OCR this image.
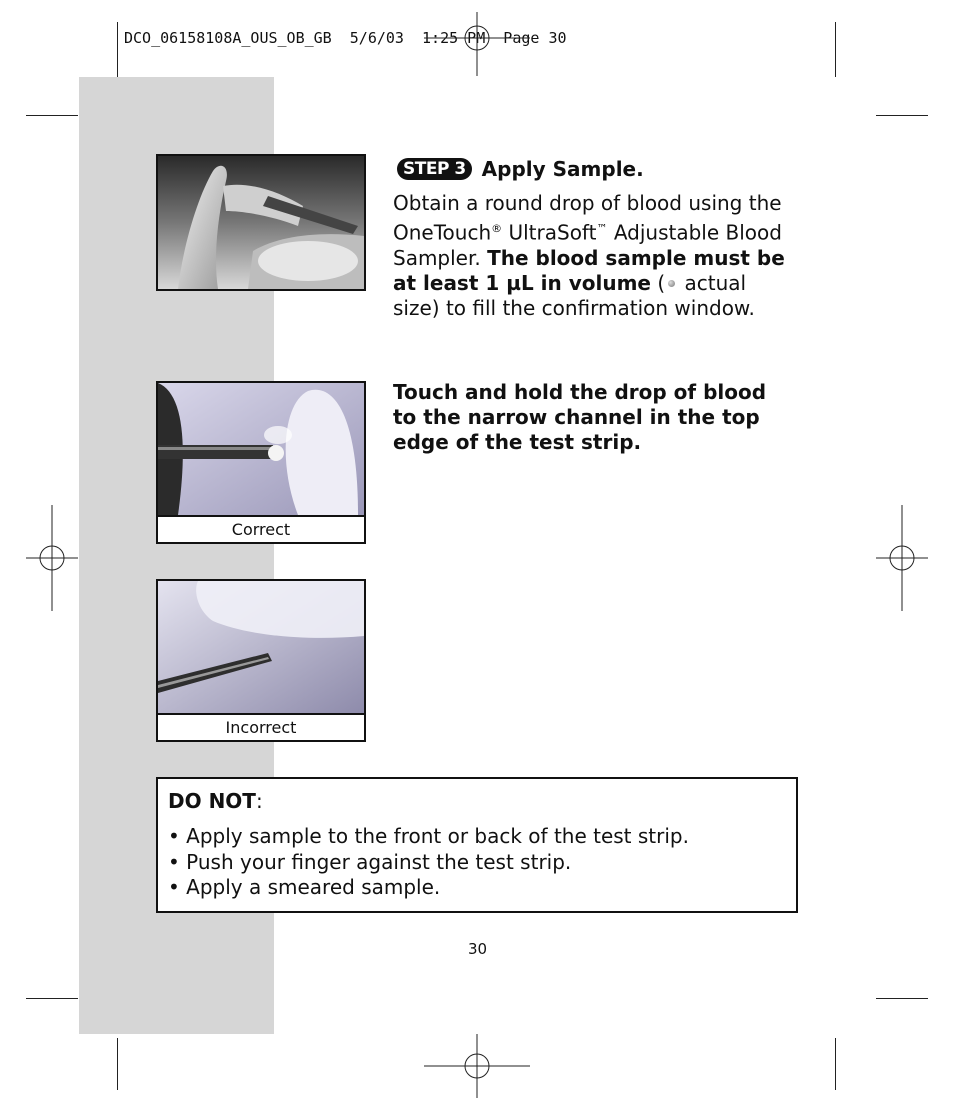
DCO_06158108A_OUS_OB_GB  5/6/03  1:25 PM  Page 30
Correct
Incorrect
STEP 3 Apply Sample.
Obtain a round drop of blood using the OneTouch® UltraSoft™ Adjustable Blood Sampler. The blood sample must be at least 1 µL in volume ( actual size) to fill the confirmation window.
Touch and hold the drop of blood to the narrow channel in the top edge of the test strip.
DO NOT:
• Apply sample to the front or back of the test strip.
• Push your finger against the test strip.
• Apply a smeared sample.
30
